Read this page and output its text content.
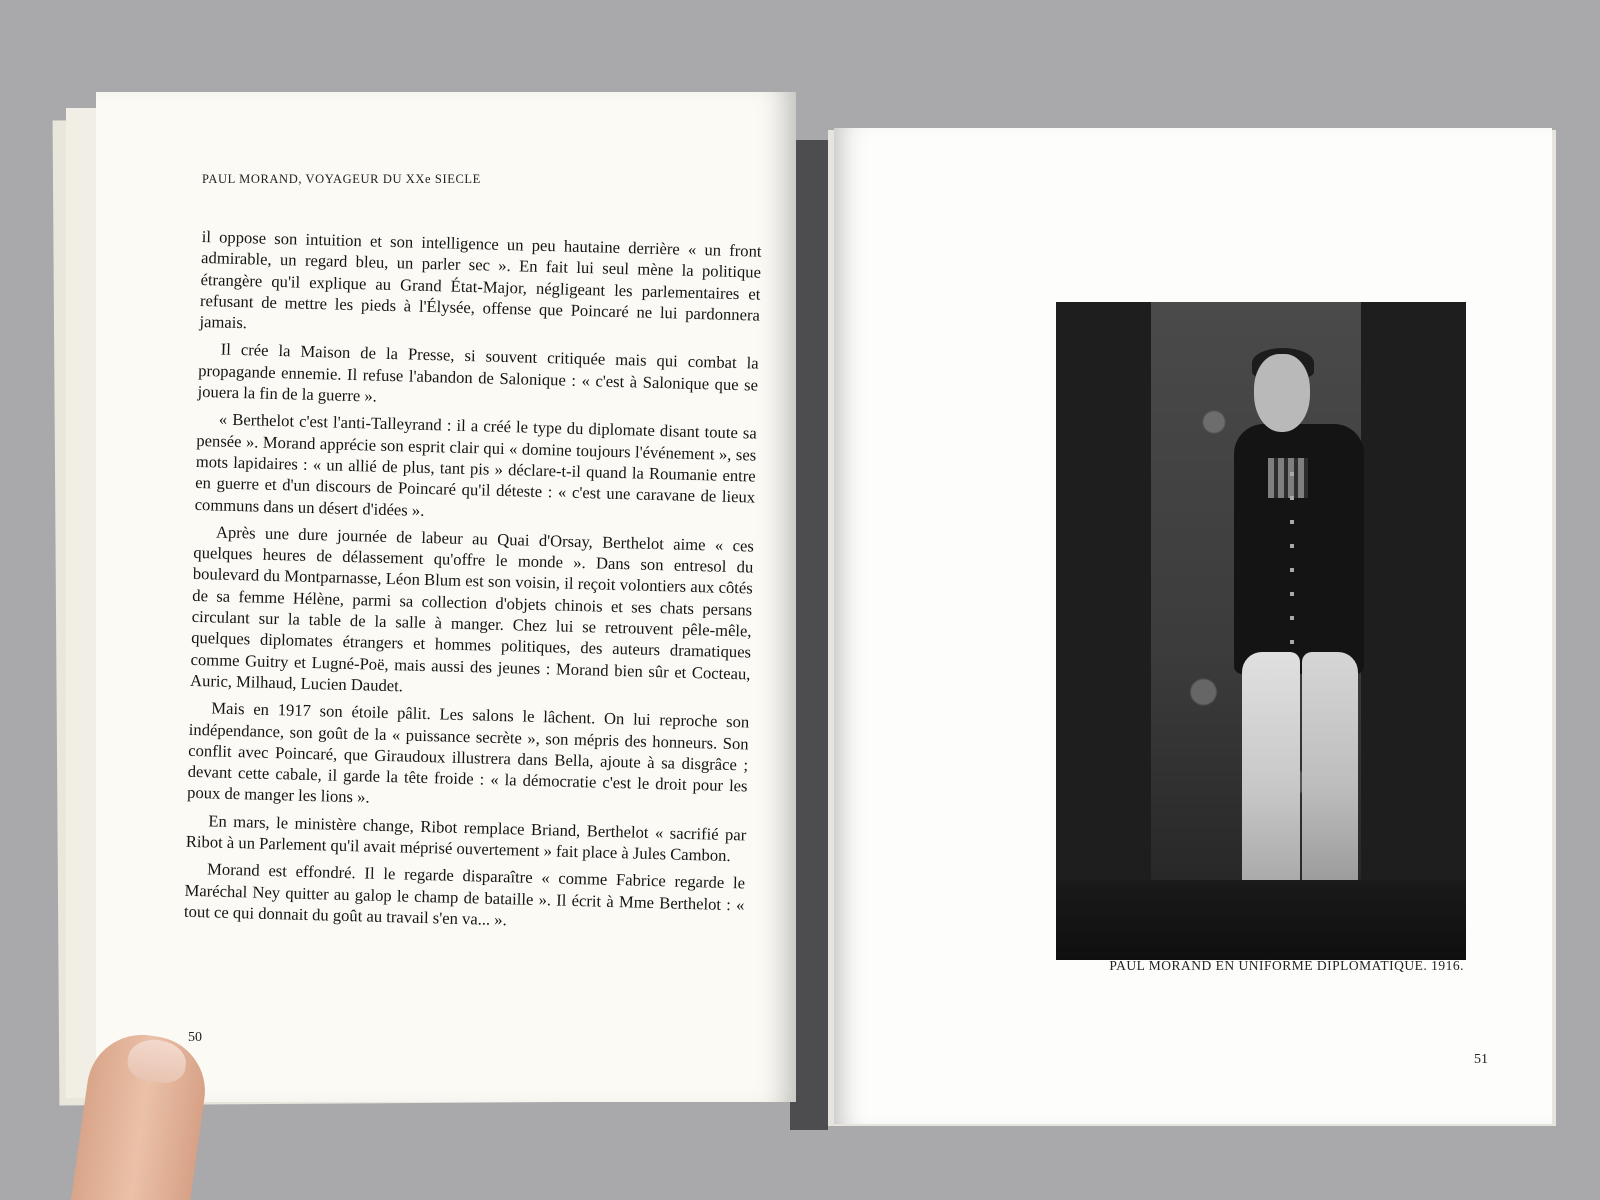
PAUL MORAND, VOYAGEUR DU XXe SIECLE

il oppose son intuition et son intelligence un peu hautaine derrière « un front admirable, un regard bleu, un parler sec ». En fait lui seul mène la politique étrangère qu'il explique au Grand État-Major, négligeant les parlementaires et refusant de mettre les pieds à l'Élysée, offense que Poincaré ne lui pardonnera jamais.

Il crée la Maison de la Presse, si souvent critiquée mais qui combat la propagande ennemie. Il refuse l'abandon de Salonique : « c'est à Salonique que se jouera la fin de la guerre ».

« Berthelot c'est l'anti-Talleyrand : il a créé le type du diplomate disant toute sa pensée ». Morand apprécie son esprit clair qui « domine toujours l'événement », ses mots lapidaires : « un allié de plus, tant pis » déclare-t-il quand la Roumanie entre en guerre et d'un discours de Poincaré qu'il déteste : « c'est une caravane de lieux communs dans un désert d'idées ».

Après une dure journée de labeur au Quai d'Orsay, Berthelot aime « ces quelques heures de délassement qu'offre le monde ». Dans son entresol du boulevard du Montparnasse, Léon Blum est son voisin, il reçoit volontiers aux côtés de sa femme Hélène, parmi sa collection d'objets chinois et ses chats persans circulant sur la table de la salle à manger. Chez lui se retrouvent pêle-mêle, quelques diplomates étrangers et hommes politiques, des auteurs dramatiques comme Guitry et Lugné-Poë, mais aussi des jeunes : Morand bien sûr et Cocteau, Auric, Milhaud, Lucien Daudet.

Mais en 1917 son étoile pâlit. Les salons le lâchent. On lui reproche son indépendance, son goût de la « puissance secrète », son mépris des honneurs. Son conflit avec Poincaré, que Giraudoux illustrera dans Bella, ajoute à sa disgrâce ; devant cette cabale, il garde la tête froide : « la démocratie c'est le droit pour les poux de manger les lions ».

En mars, le ministère change, Ribot remplace Briand, Berthelot « sacrifié par Ribot à un Parlement qu'il avait méprisé ouvertement » fait place à Jules Cambon.

Morand est effondré. Il le regarde disparaître « comme Fabrice regarde le Maréchal Ney quitter au galop le champ de bataille ». Il écrit à Mme Berthelot : « tout ce qui donnait du goût au travail s'en va... ».

50
PAUL MORAND EN UNIFORME DIPLOMATIQUE. 1916.
51
